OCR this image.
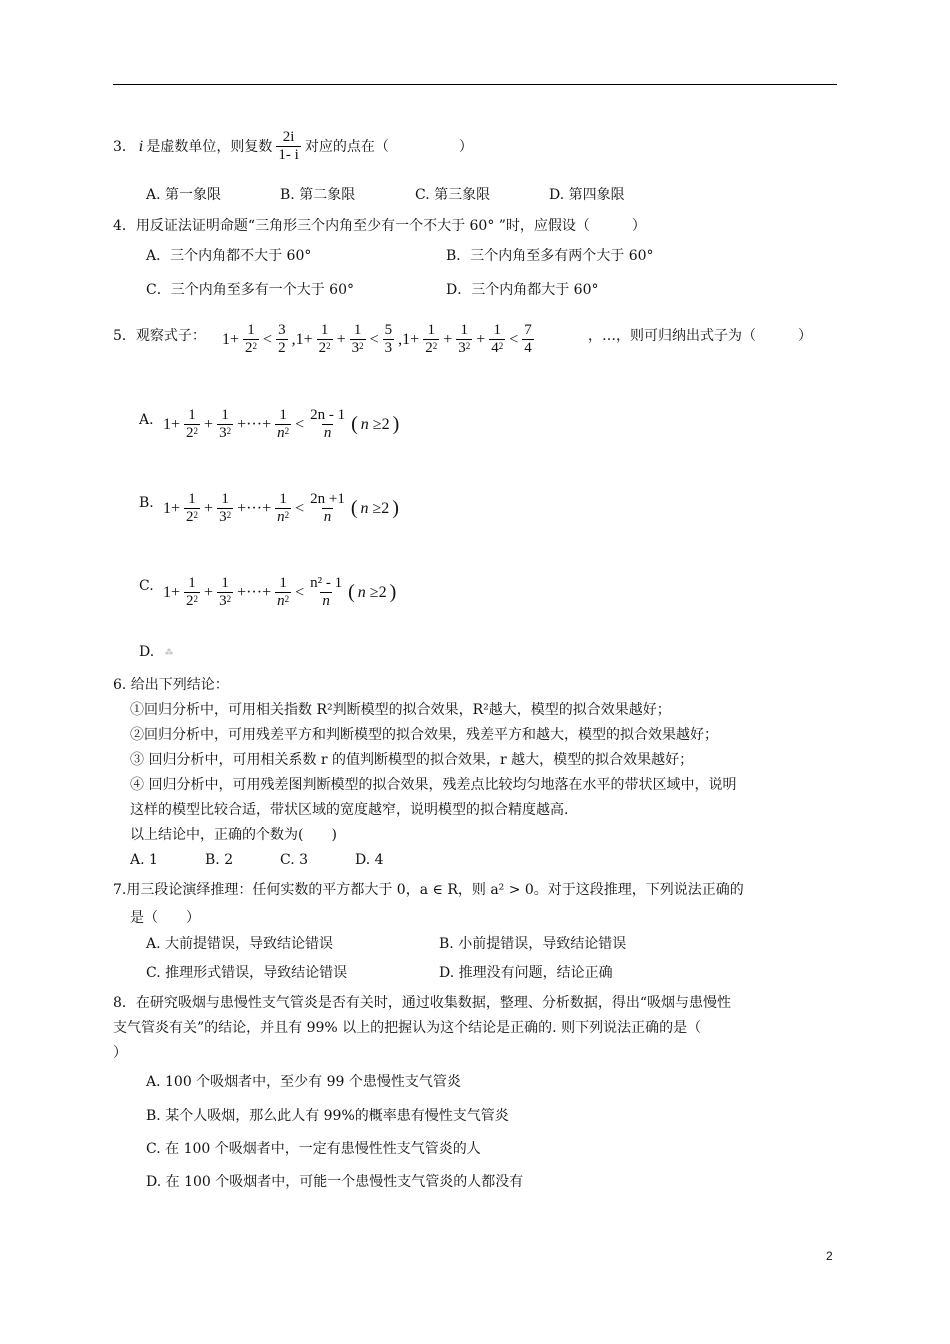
3． i 是虚数单位，则复数 $\frac{2i}{1- i}$ 对应的点在（　　　　　）
A. 第一象限	B. 第二象限	C. 第三象限	D. 第四象限
4．用反证法证明命题“三角形三个内角至少有一个不大于 60° ”时，应假设（　　　）
A．三个内角都不大于 60°	B．三个内角至多有两个大于 60°
C．三个内角至多有一个大于 60°	D．三个内角都大于 60°
5．观察式子： $1+ \frac{1}{2^2} < \frac{3}{2} ,1+ \frac{1}{2^2} + \frac{1}{3^2} < \frac{5}{3} ,1+ \frac{1}{2^2} + \frac{1}{3^2} + \frac{1}{4^2} < \frac{7}{4}$	，…，则可归纳出式子为（　　　）
A. $1+ \frac{1}{2^2} + \frac{1}{3^2}$ +···+ $\frac{1}{n^2} < \frac{2n - 1}{n}$ ( n ≥2 )
B. $1+ \frac{1}{2^2} + \frac{1}{3^2}$ +···+ $\frac{1}{n^2} < \frac{2n +1}{n}$ ( n ≥2 )
C. $1+ \frac{1}{2^2} + \frac{1}{3^2}$ +···+ $\frac{1}{n^2} < \frac{\text{n² - 1}}{n}$ ( n ≥2 )
D. ⁂
6. 给出下列结论：
①回归分析中，可用相关指数 R²判断模型的拟合效果，R²越大，模型的拟合效果越好；
②回归分析中，可用残差平方和判断模型的拟合效果，残差平方和越大，模型的拟合效果越好；
③ 回归分析中，可用相关系数 r 的值判断模型的拟合效果，r 越大，模型的拟合效果越好；
④ 回归分析中，可用残差图判断模型的拟合效果，残差点比较均匀地落在水平的带状区域中，说明
这样的模型比较合适，带状区域的宽度越窄，说明模型的拟合精度越高.
以上结论中，正确的个数为(　　)
A. 1	B. 2	C. 3	D. 4
7.用三段论演绎推理：任何实数的平方都大于 0，a ∈ R，则 a² > 0。对于这段推理，下列说法正确的
是（　　）
A. 大前提错误，导致结论错误	B. 小前提错误，导致结论错误
C. 推理形式错误，导致结论错误	D. 推理没有问题，结论正确
8．在研究吸烟与患慢性支气管炎是否有关时，通过收集数据，整理、分析数据，得出“吸烟与患慢性
支气管炎有关”的结论，并且有 99% 以上的把握认为这个结论是正确的. 则下列说法正确的是（
）
A. 100 个吸烟者中，至少有 99 个患慢性支气管炎
B. 某个人吸烟，那么此人有 99%的概率患有慢性支气管炎
C. 在 100 个吸烟者中，一定有患慢性性支气管炎的人
D. 在 100 个吸烟者中，可能一个患慢性支气管炎的人都没有
2
